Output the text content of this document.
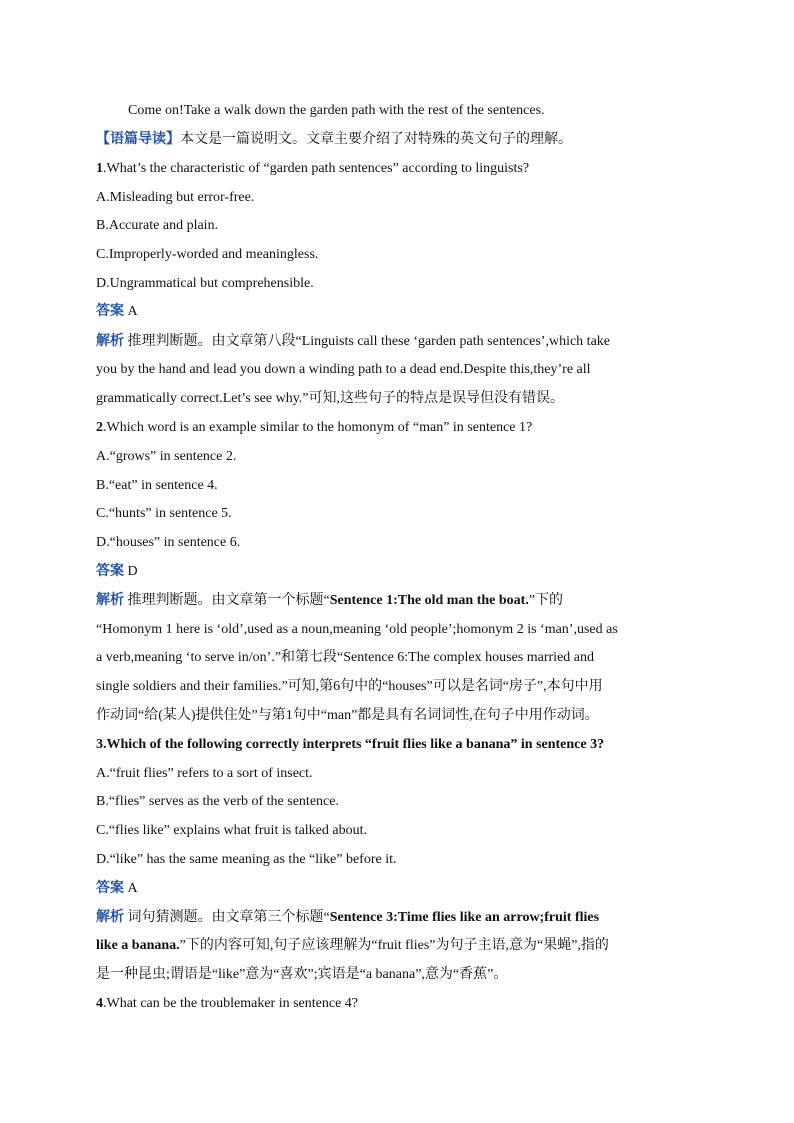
Come on!Take a walk down the garden path with the rest of the sentences.
【语篇导读】本文是一篇说明文。文章主要介绍了对特殊的英文句子的理解。
1.What’s the characteristic of “garden path sentences” according to linguists?
A.Misleading but error-free.
B.Accurate and plain.
C.Improperly-worded and meaningless.
D.Ungrammatical but comprehensible.
答案 A
解析 推理判断题。由文章第八段“Linguists call these ‘garden path sentences’,which take
you by the hand and lead you down a winding path to a dead end.Despite this,they’re all
grammatically correct.Let’s see why.”可知,这些句子的特点是误导但没有错误。
2.Which word is an example similar to the homonym of “man” in sentence 1?
A.“grows” in sentence 2.
B.“eat” in sentence 4.
C.“hunts” in sentence 5.
D.“houses” in sentence 6.
答案 D
解析 推理判断题。由文章第一个标题“Sentence 1:The old man the boat.”下的
“Homonym 1 here is ‘old’,used as a noun,meaning ‘old people’;homonym 2 is ‘man’,used as
a verb,meaning ‘to serve in/on’.”和第七段“Sentence 6:The complex houses married and
single soldiers and their families.”可知,第6句中的“houses”可以是名词“房子”,本句中用
作动词“给(某人)提供住处”与第1句中“man”都是具有名词词性,在句子中用作动词。
3.Which of the following correctly interprets “fruit flies like a banana” in sentence 3?
A.“fruit flies” refers to a sort of insect.
B.“flies” serves as the verb of the sentence.
C.“flies like” explains what fruit is talked about.
D.“like” has the same meaning as the “like” before it.
答案 A
解析 词句猜测题。由文章第三个标题“Sentence 3:Time flies like an arrow;fruit flies
like a banana.”下的内容可知,句子应该理解为“fruit flies”为句子主语,意为“果蝇”,指的
是一种昆虫;谓语是“like”意为“喜欢”;宾语是“a banana”,意为“香蕉”。
4.What can be the troublemaker in sentence 4?
